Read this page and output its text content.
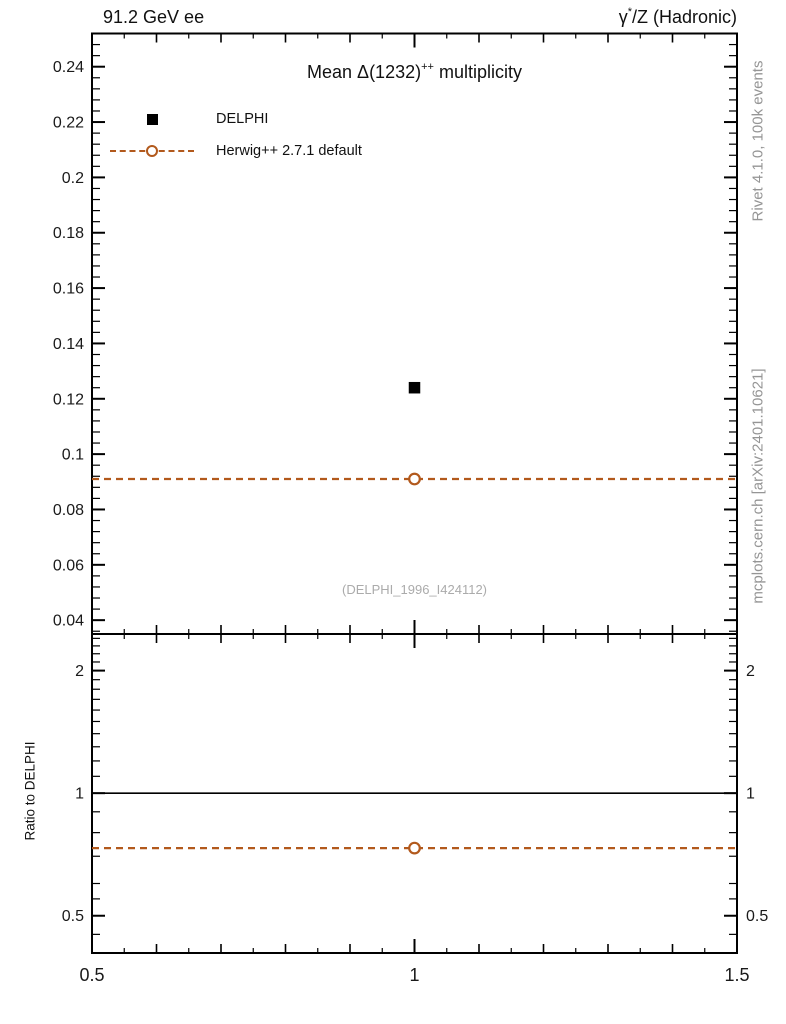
0.04
0.06
0.08
0.1
0.12
0.14
0.16
0.18
0.2
0.22
0.24
0.5	0.5
1	1
2	2
0.5	1	1.5
91.2 GeV ee	γ*/Z (Hadronic)
Mean Δ(1232)++ multiplicity
DELPHI
Herwig++ 2.7.1 default
(DELPHI_1996_I424112)
Rivet 4.1.0, 100k events
mcplots.cern.ch [arXiv:2401.10621]
Ratio to DELPHI
